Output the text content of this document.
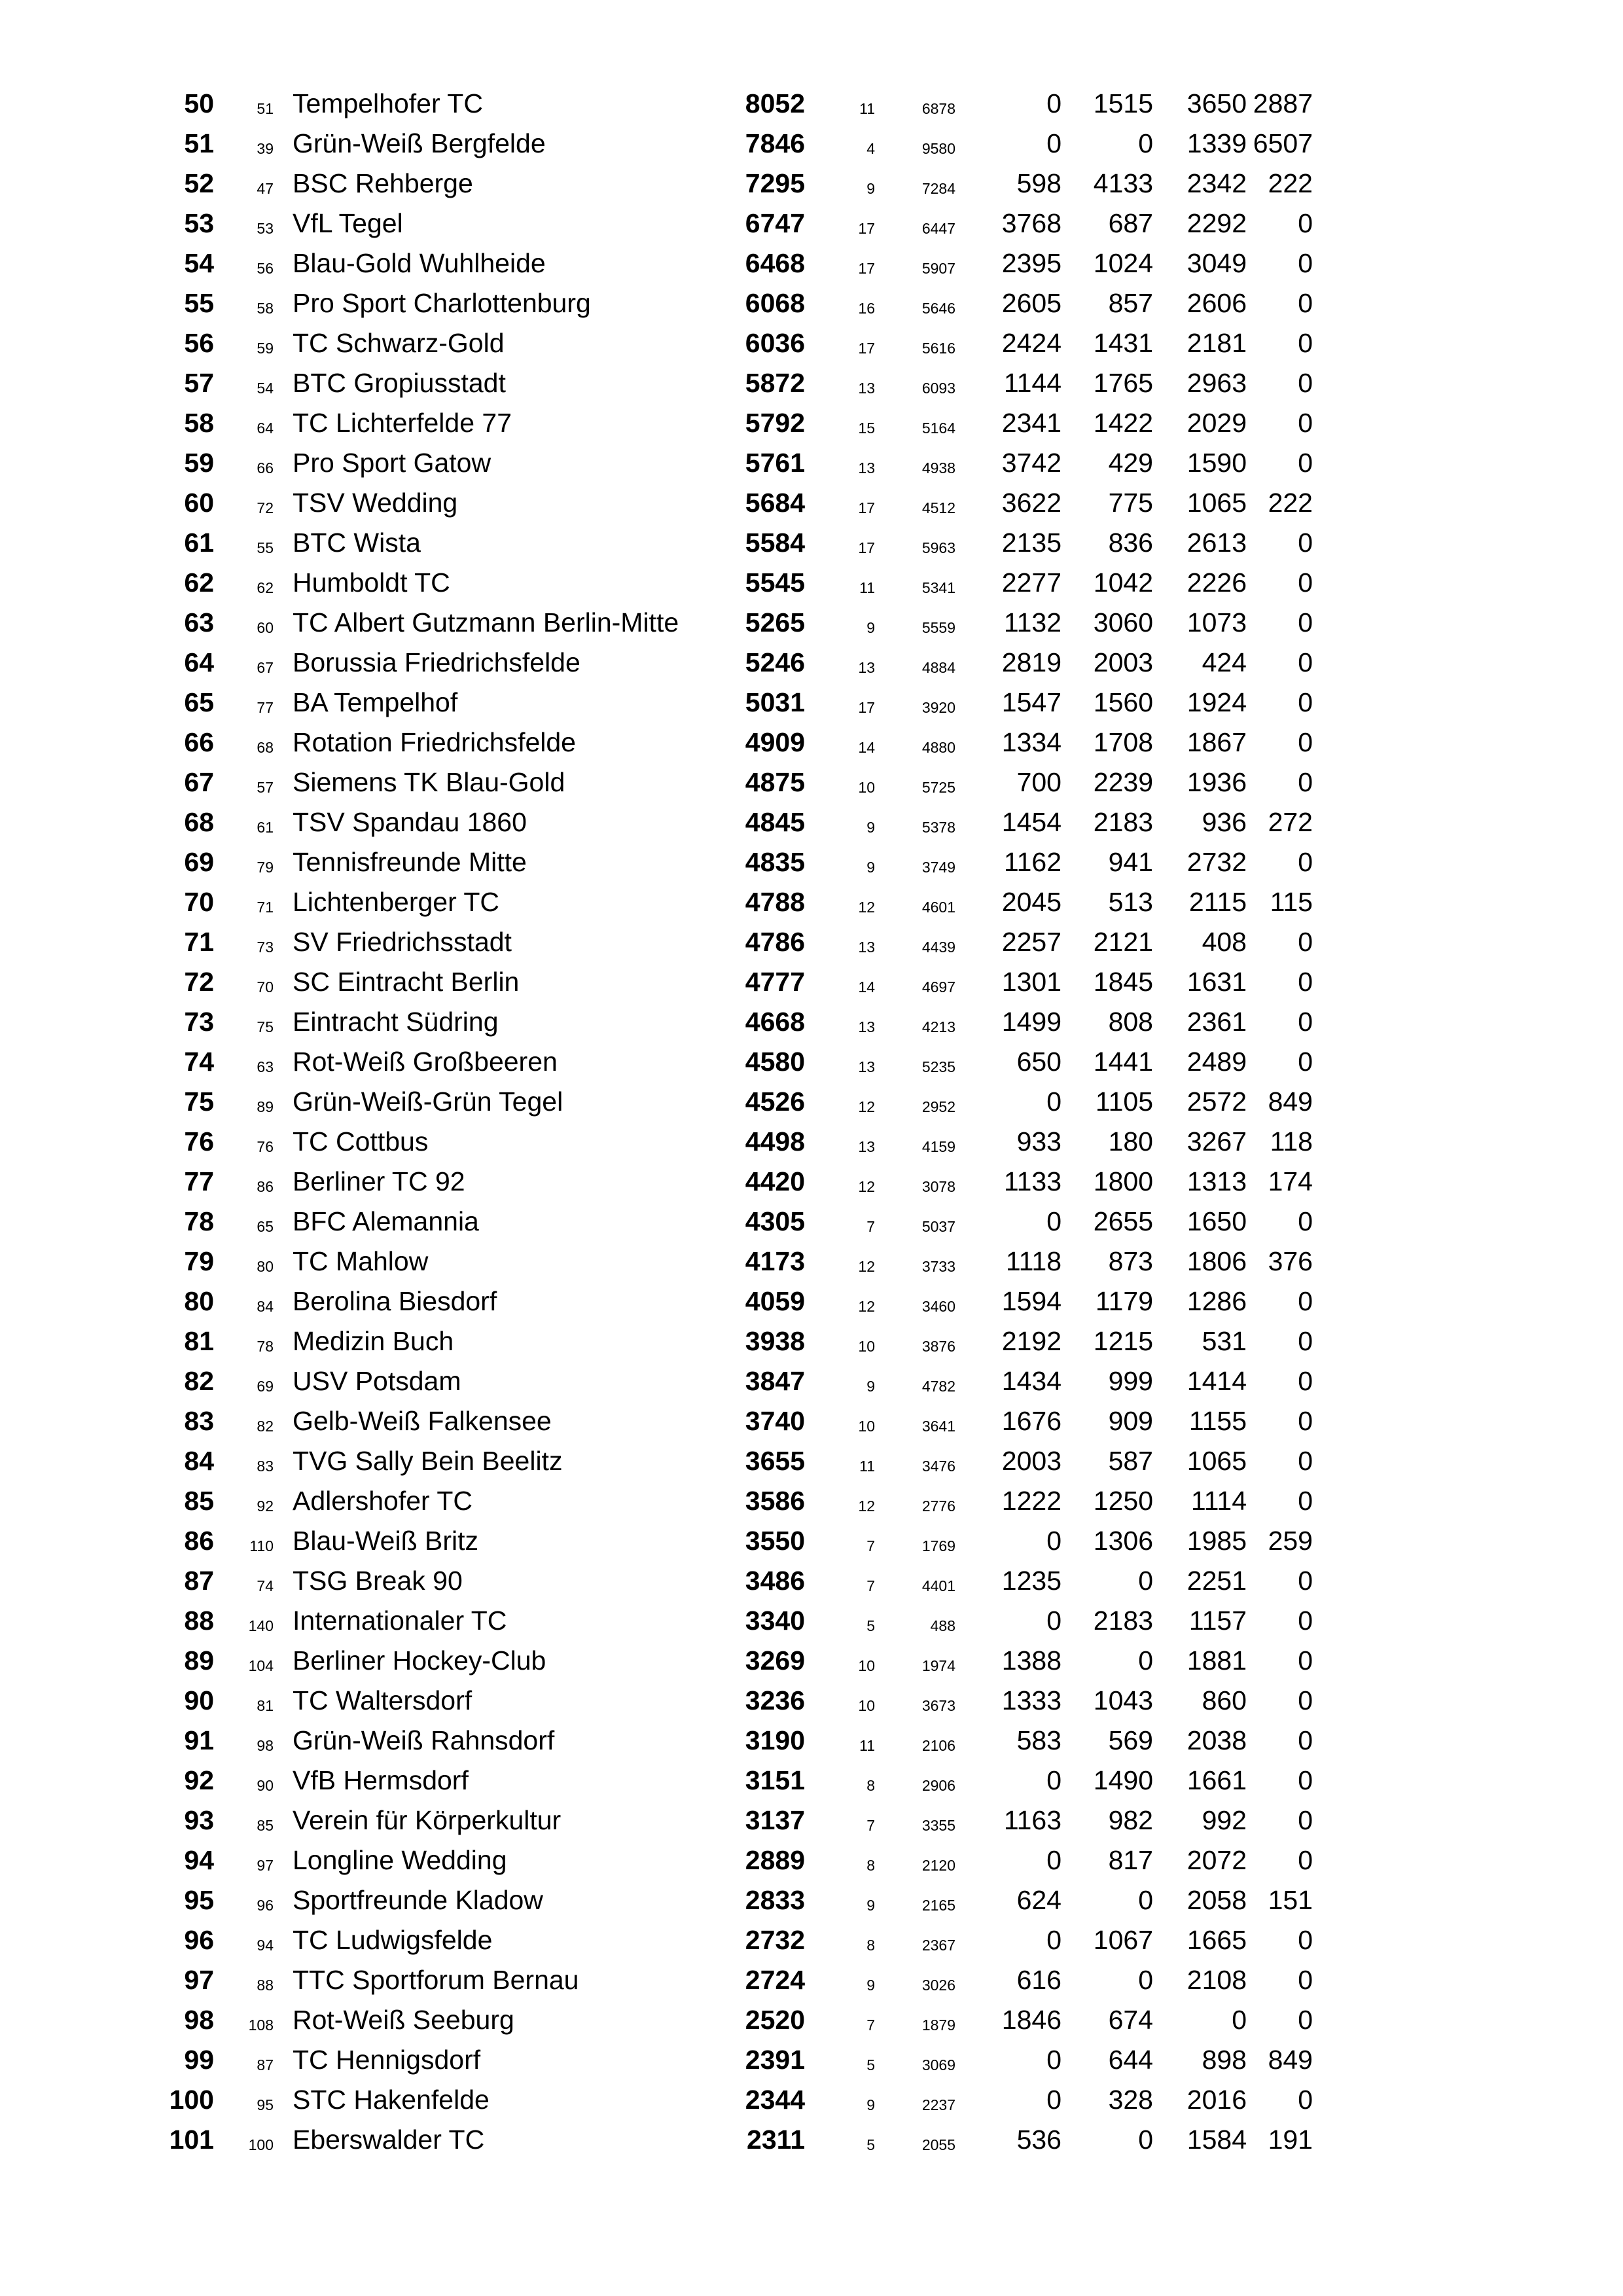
50	51 Tempelhofer TC	8052	11	6878	0 1515 3650 2887
51	39 Grün-Weiß Bergfelde	7846	4	9580	0	0 1339 6507
52	47 BSC Rehberge	7295	9	7284 598 4133 2342 222
53	53 VfL Tegel	6747	17	6447 3768 687 2292 0
54	56 Blau-Gold Wuhlheide	6468	17	5907 2395 1024 3049 0
55	58 Pro Sport Charlottenburg	6068	16	5646 2605 857 2606 0
56	59 TC Schwarz-Gold	6036	17	5616 2424 1431 2181 0
57	54 BTC Gropiusstadt	5872	13	6093 1144 1765 2963 0
58	64 TC Lichterfelde 77	5792	15	5164 2341 1422 2029 0
59	66 Pro Sport Gatow	5761	13	4938 3742 429 1590 0
60	72 TSV Wedding	5684	17	4512 3622 775 1065 222
61	55 BTC Wista	5584	17	5963 2135 836 2613 0
62	62 Humboldt TC	5545	11	5341 2277 1042 2226 0
63	60 TC Albert Gutzmann Berlin-Mitte 5265	9	5559 1132 3060 1073 0
64	67 Borussia Friedrichsfelde	5246	13	4884 2819 2003 424 0
65	77 BA Tempelhof	5031	17	3920 1547 1560 1924 0
66	68 Rotation Friedrichsfelde	4909	14	4880 1334 1708 1867 0
67	57 Siemens TK Blau-Gold	4875	10	5725 700 2239 1936 0
68	61 TSV Spandau 1860	4845	9	5378 1454 2183 936 272
69	79 Tennisfreunde Mitte	4835	9	3749 1162 941 2732 0
70	71 Lichtenberger TC	4788	12	4601 2045 513 2115 115
71	73 SV Friedrichsstadt	4786	13	4439 2257 2121 408 0
72	70 SC Eintracht Berlin	4777	14	4697 1301 1845 1631 0
73	75 Eintracht Südring	4668	13	4213 1499 808 2361 0
74	63 Rot-Weiß Großbeeren	4580	13	5235 650 1441 2489 0
75	89 Grün-Weiß-Grün Tegel	4526	12	2952	0 1105 2572 849
76	76 TC Cottbus	4498	13	4159 933 180 3267 118
77	86 Berliner TC 92	4420	12	3078 1133 1800 1313 174
78	65 BFC Alemannia	4305	7	5037	0 2655 1650 0
79	80 TC Mahlow	4173	12	3733 1118 873 1806 376
80	84 Berolina Biesdorf	4059	12	3460 1594 1179 1286 0
81	78 Medizin Buch	3938	10	3876 2192 1215 531 0
82	69 USV Potsdam	3847	9	4782 1434 999 1414 0
83	82 Gelb-Weiß Falkensee	3740	10	3641 1676 909 1155 0
84	83 TVG Sally Bein Beelitz	3655	11	3476 2003 587 1065 0
85	92 Adlershofer TC	3586	12	2776 1222 1250 1114 0
86 110 Blau-Weiß Britz	3550	7	1769	0 1306 1985 259
87	74 TSG Break 90	3486	7	4401 1235	0 2251 0
88 140 Internationaler TC	3340	5	488	0 2183 1157 0
89 104 Berliner Hockey-Club	3269	10	1974 1388	0 1881 0
90	81 TC Waltersdorf	3236	10	3673 1333 1043 860 0
91	98 Grün-Weiß Rahnsdorf	3190	11	2106 583 569 2038 0
92	90 VfB Hermsdorf	3151	8	2906	0 1490 1661 0
93	85 Verein für Körperkultur	3137	7	3355 1163 982 992 0
94	97 Longline Wedding	2889	8	2120	0 817 2072 0
95	96 Sportfreunde Kladow	2833	9	2165 624	0 2058 151
96	94 TC Ludwigsfelde	2732	8	2367	0 1067 1665 0
97	88 TTC Sportforum Bernau	2724	9	3026 616	0 2108 0
98 108 Rot-Weiß Seeburg	2520	7	1879 1846 674	0 0
99	87 TC Hennigsdorf	2391	5	3069	0 644 898 849
100	95 STC Hakenfelde	2344	9	2237	0 328 2016 0
101 100 Eberswalder TC	2311	5	2055 536	0 1584 191
